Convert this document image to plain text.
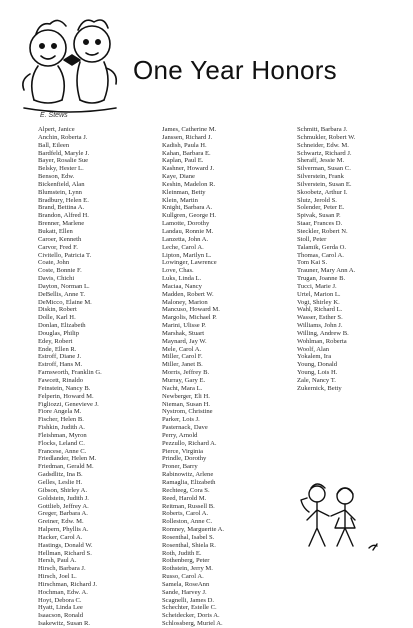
E. Stews
One Year Honors
Alpert, Janice
Anchin, Roberta J.
Ball, Eileen
Bardfeld, Maryle J.
Bayer, Rosalie Sue
Belsky, Hester L.
Benson, Edw.
Bickenfield, Alan
Blumstein, Lynn
Bradbury, Helen E.
Brand, Bettina A.
Brandon, Alfred H.
Brenner, Marlene
Bukatt, Ellen
Caroer, Kenneth
Carvor, Fred F.
Civitello, Patricia T.
Coate, John
Coste, Bonnie F.
Davis, Chichi
Dayton, Norman L.
DeBellis, Anne T.
DeMicco, Elaine M.
Diskin, Robert
Dolle, Karl H.
Donlan, Elizabeth
Douglas, Philip
Edey, Robert
Ende, Ellen R.
Estroff, Diane J.
Estroff, Hans M.
Farnsworth, Franklin G.
Fawcett, Rinaldo
Feinstein, Nancy B.
Felperin, Howard M.
Figliozzi, Genevieve J.
Fiore Angela M.
Fischer, Helen B.
Fishkin, Judith A.
Fleishman, Myron
Flocks, Leland C.
Francese, Anne C.
Friedlander, Helen M.
Friedman, Gerald M.
Gadsdlitz, Ina B.
Gelles, Leslie H.
Gibson, Shirley A.
Goldstein, Judith J.
Gottlieb, Jeffrey A.
Greger, Barbara A.
Greiner, Edw. M.
Halpern, Phyllis A.
Hacker, Carol A.
Hastings, Donald W.
Hellman, Richard S.
Hersh, Paul A.
Hirsch, Barbara J.
Hirsch, Joel L.
Hirschman, Richard J.
Hochman, Edw. A.
Hoyt, Debora C.
Hyatt, Linda Lee
Isaacson, Ronald
Isakewitz, Susan R.
James, Catherine M.
Janssen, Richard J.
Kadish, Paula H.
Kahan, Barbara E.
Kaplan, Paul E.
Kashner, Howard J.
Kaye, Diane
Keshin, Madelon R.
Kleinman, Betty
Klein, Martin
Knight, Barbara A.
Kullgren, George H.
Lamotte, Dorothy
Landau, Ronnie M.
Lanzetta, John A.
Leche, Carol A.
Lipton, Marilyn L.
Lowinger, Lawrence
Love, Chas.
Luks, Linda L.
Maciaa, Nancy
Madden, Robert W.
Maloney, Marion
Mancuso, Howard M.
Margolis, Michael P.
Marini, Ulisse P.
Marshak, Stuart
Maynard, Jay W.
Mele, Carol A.
Miller, Carol F.
Miller, Janet B.
Morris, Jeffrey B.
Murray, Gary E.
Nacht, Mara L.
Newberger, Eli H.
Nieman, Susan H.
Nystrom, Christine
Parker, Lois J.
Pasternack, Dave
Perry, Arnold
Pezzullo, Richard A.
Pierce, Virginia
Prindle, Dorothy
Proner, Barry
Rabinowitz, Arlene
Ramaglia, Elizabeth
Rechteeg, Cora S.
Reed, Harold M.
Reitman, Russell B.
Roberts, Carol A.
Rolleston, Anne C.
Romney, Marguerite A.
Rosenthal, Isabel S.
Rosenthal, Shiela R.
Roth, Judith E.
Rothenberg, Peter
Rothstein, Jerry M.
Russo, Carol A.
Samela, RoseAnn
Sande, Harvey J.
Scagnelli, James D.
Schechter, Estelle C.
Scheidecker, Doris A.
Schlossberg, Muriel A.
Schmitt, Barbara J.
Schmukler, Robert W.
Schneider, Edw. M.
Schwartz, Richard J.
Sheraff, Jessie M.
Silverman, Susan C.
Silverstein, Frank
Silverstein, Susan E.
Skoobetz, Arthur I.
Slutz, Jerold S.
Solender, Peter E.
Spivak, Susan P.
Staar, Frances D.
Steckler, Robert N.
Stoll, Peter
Talamik, Gerda O.
Thomas, Carol A.
Tom Kai S.
Trauner, Mary Ann A.
Trugan, Joanne B.
Tucci, Marie J.
Urtel, Marion L.
Vogt, Shirley K.
Wahl, Richard L.
Wasser, Esther S.
Williams, John J.
Willing, Andrew B.
Wohlman, Roberta
Woolf, Alan
Yokalem, Ira
Young, Donald
Young, Lois H.
Zale, Nancy T.
Zukernick, Betty
